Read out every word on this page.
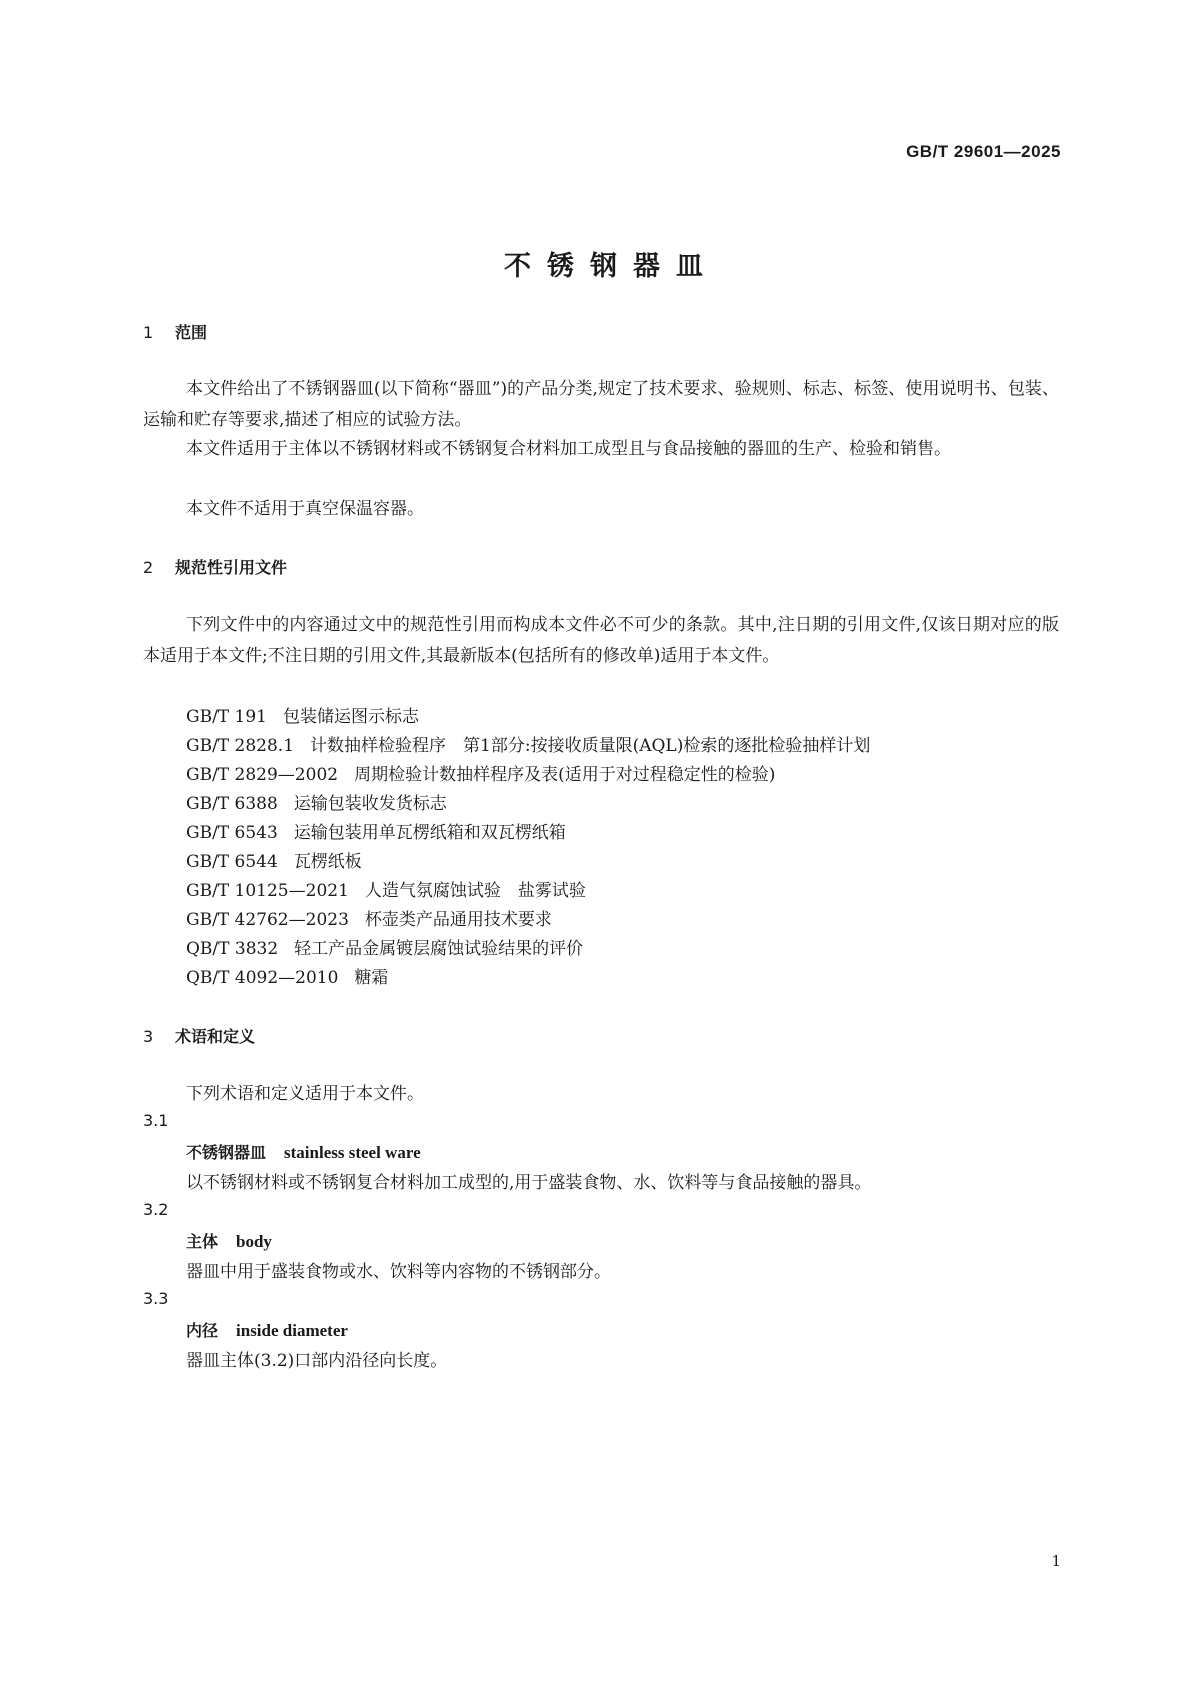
GB/T 29601—2025
不锈钢器皿
1 范围
本文件给出了不锈钢器皿(以下简称“器皿”)的产品分类,规定了技术要求、验规则、标志、标签、使用说明书、包装、运输和贮存等要求,描述了相应的试验方法。
本文件适用于主体以不锈钢材料或不锈钢复合材料加工成型且与食品接触的器皿的生产、检验和销售。
本文件不适用于真空保温容器。
2 规范性引用文件
下列文件中的内容通过文中的规范性引用而构成本文件必不可少的条款。其中,注日期的引用文件,仅该日期对应的版本适用于本文件;不注日期的引用文件,其最新版本(包括所有的修改单)适用于本文件。
GB/T 191 包装储运图示标志
GB/T 2828.1 计数抽样检验程序　第1部分:按接收质量限(AQL)检索的逐批检验抽样计划
GB/T 2829—2002 周期检验计数抽样程序及表(适用于对过程稳定性的检验)
GB/T 6388 运输包装收发货标志
GB/T 6543 运输包装用单瓦楞纸箱和双瓦楞纸箱
GB/T 6544 瓦楞纸板
GB/T 10125—2021 人造气氛腐蚀试验　盐雾试验
GB/T 42762—2023 杯壶类产品通用技术要求
QB/T 3832 轻工产品金属镀层腐蚀试验结果的评价
QB/T 4092—2010 糖霜
3 术语和定义
下列术语和定义适用于本文件。
3.1
不锈钢器皿 stainless steel ware
以不锈钢材料或不锈钢复合材料加工成型的,用于盛装食物、水、饮料等与食品接触的器具。
3.2
主体 body
器皿中用于盛装食物或水、饮料等内容物的不锈钢部分。
3.3
内径 inside diameter
器皿主体(3.2)口部内沿径向长度。
1
